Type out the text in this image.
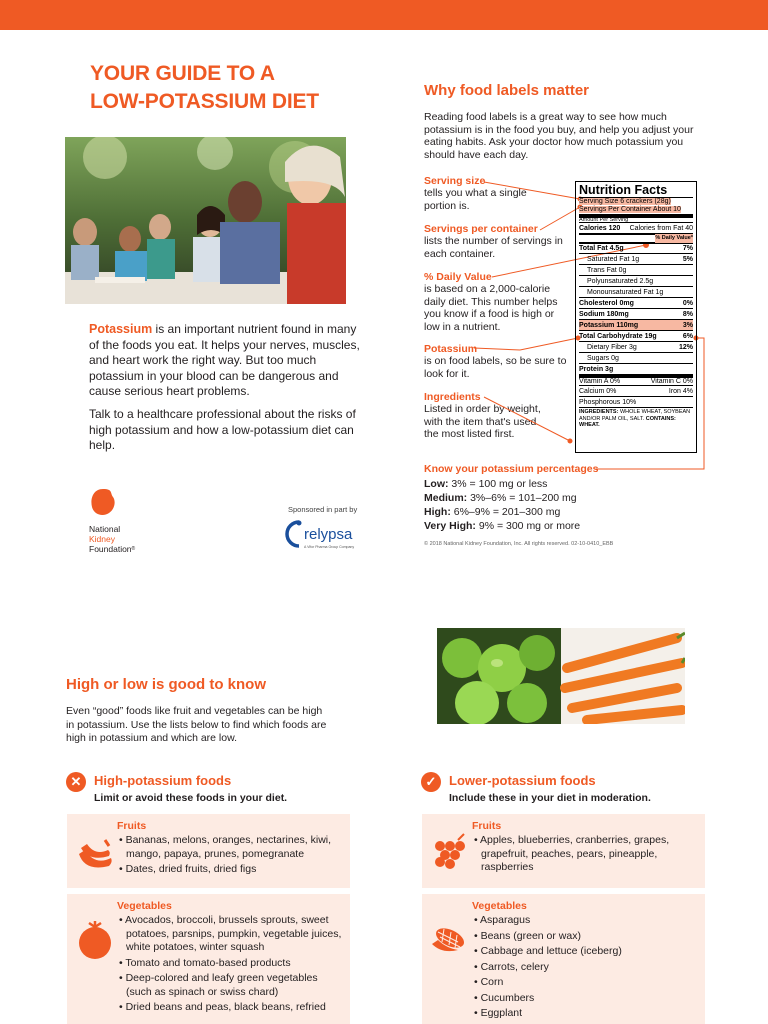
YOUR GUIDE TO A
LOW-POTASSIUM DIET
Potassium is an important nutrient found in many of the foods you eat. It helps your nerves, muscles, and heart work the right way. But too much potassium in your blood can be dangerous and cause serious heart problems.
Talk to a healthcare professional about the risks of high potassium and how a low-potassium diet can help.
National
Kidney
Foundation®
Sponsored in part by
relypsa
A Vifor Pharma Group Company
Why food labels matter
Reading food labels is a great way to see how much potassium is in the food you buy, and help you adjust your eating habits. Ask your doctor how much potassium you should have each day.
Serving size
tells you what a single portion is.
Servings per container
lists the number of servings in each container.
% Daily Value
is based on a 2,000-calorie daily diet. This number helps you know if a food is high or low in a nutrient.
Potassium
is on food labels, so be sure to look for it.
Ingredients
Listed in order by weight, with the item that's used the most listed first.
Nutrition Facts
Serving Size 6 crackers (28g)
Servings Per Container About 10
Amount Per Serving
Calories 120 Calories from Fat 40
% Daily Value*
Total Fat 4.5g	7%
Saturated Fat 1g	5%
Trans Fat 0g
Polyunsaturated 2.5g
Monounsaturated Fat 1g
Cholesterol 0mg	0%
Sodium 180mg	8%
Potassium 110mg	3%
Total Carbohydrate 19g	6%
Dietary Fiber 3g	12%
Sugars 0g
Protein 3g
Vitamin A 0%	Vitamin C 0%
Calcium 0%	Iron 4%
Phosphorous 10%
INGREDIENTS: WHOLE WHEAT, SOYBEAN AND/OR PALM OIL, SALT. CONTAINS: WHEAT.
Know your potassium percentages
Low: 3% = 100 mg or less
Medium: 3%–6% = 101–200 mg
High: 6%–9% = 201–300 mg
Very High: 9% = 300 mg or more
© 2018 National Kidney Foundation, Inc. All rights reserved. 02-10-0410_EBB
High or low is good to know
Even “good” foods like fruit and vegetables can be high in potassium. Use the lists below to find which foods are high in potassium and which are low.
✕ High-potassium foods
Limit or avoid these foods in your diet.
Fruits
• Bananas, melons, oranges, nectarines, kiwi, mango, papaya, prunes, pomegranate
• Dates, dried fruits, dried figs
Vegetables
• Avocados, broccoli, brussels sprouts, sweet potatoes, parsnips, pumpkin, vegetable juices, white potatoes, winter squash
• Tomato and tomato-based products
• Deep-colored and leafy green vegetables (such as spinach or swiss chard)
• Dried beans and peas, black beans, refried
✓ Lower-potassium foods
Include these in your diet in moderation.
Fruits
• Apples, blueberries, cranberries, grapes, grapefruit, peaches, pears, pineapple, raspberries
Vegetables
• Asparagus
• Beans (green or wax)
• Cabbage and lettuce (iceberg)
• Carrots, celery
• Corn
• Cucumbers
• Eggplant
